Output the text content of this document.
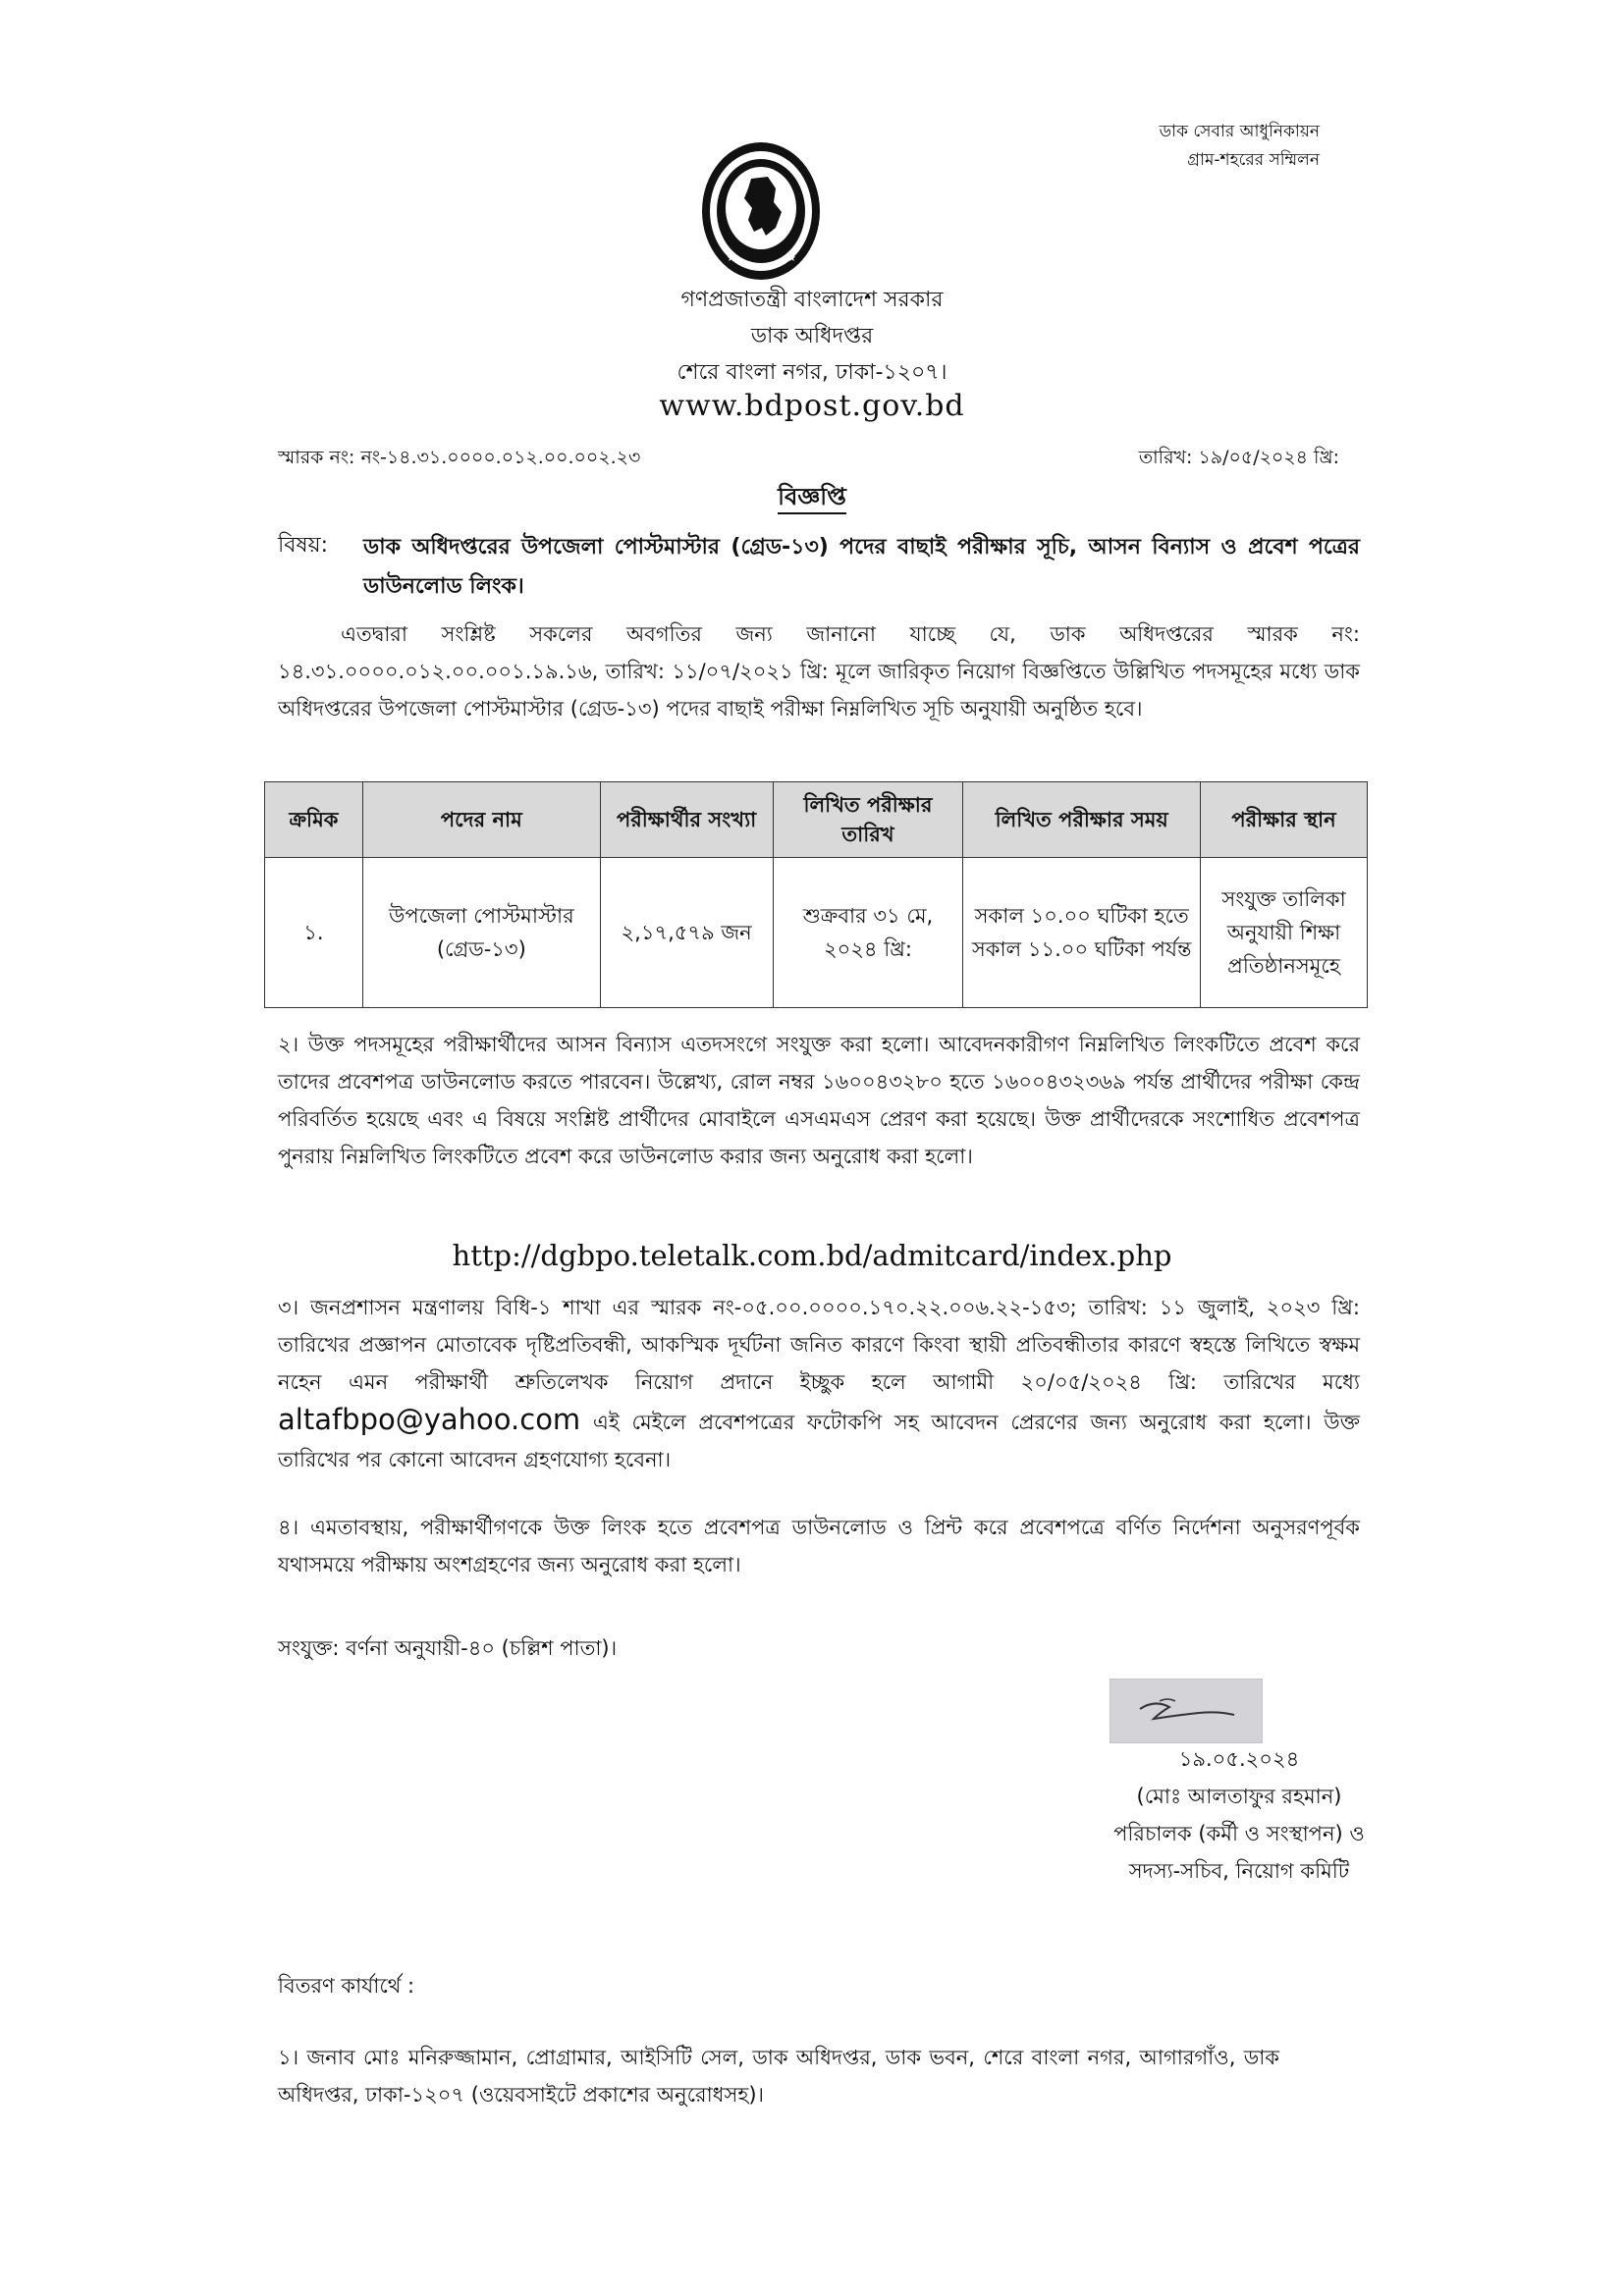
ডাক সেবার আধুনিকায়ন
গ্রাম-শহরের সম্মিলন
★	★
গণপ্রজাতন্ত্রী বাংলাদেশ সরকার
ডাক অধিদপ্তর
শেরে বাংলা নগর, ঢাকা-১২০৭।
www.bdpost.gov.bd
স্মারক নং: নং-১৪.৩১.০০০০.০১২.০০.০০২.২৩	তারিখ: ১৯/০৫/২০২৪ খ্রি:
বিজ্ঞপ্তি
বিষয়: ডাক অধিদপ্তরের উপজেলা পোস্টমাস্টার (গ্রেড-১৩) পদের বাছাই পরীক্ষার সূচি, আসন বিন্যাস ও প্রবেশ পত্রের ডাউনলোড লিংক।
এতদ্বারা সংশ্লিষ্ট সকলের অবগতির জন্য জানানো যাচ্ছে যে, ডাক অধিদপ্তরের স্মারক নং: ১৪.৩১.০০০০.০১২.০০.০০১.১৯.১৬, তারিখ: ১১/০৭/২০২১ খ্রি: মূলে জারিকৃত নিয়োগ বিজ্ঞপ্তিতে উল্লিখিত পদসমূহের মধ্যে ডাক অধিদপ্তরের উপজেলা পোস্টমাস্টার (গ্রেড-১৩) পদের বাছাই পরীক্ষা নিম্নলিখিত সূচি অনুযায়ী অনুষ্ঠিত হবে।
ক্রমিক	পদের নাম	পরীক্ষার্থীর সংখ্যা	লিখিত পরীক্ষার তারিখ	লিখিত পরীক্ষার সময়	পরীক্ষার স্থান
১.	উপজেলা পোস্টমাস্টার (গ্রেড-১৩)	২,১৭,৫৭৯ জন	শুক্রবার ৩১ মে, ২০২৪ খ্রি:	সকাল ১০.০০ ঘটিকা হতে সকাল ১১.০০ ঘটিকা পর্যন্ত	সংযুক্ত তালিকা অনুযায়ী শিক্ষা প্রতিষ্ঠানসমূহে
২। উক্ত পদসমূহের পরীক্ষার্থীদের আসন বিন্যাস এতদসংগে সংযুক্ত করা হলো। আবেদনকারীগণ নিম্নলিখিত লিংকটিতে প্রবেশ করে তাদের প্রবেশপত্র ডাউনলোড করতে পারবেন। উল্লেখ্য, রোল নম্বর ১৬০০৪৩২৮০ হতে ১৬০০৪৩২৩৬৯ পর্যন্ত প্রার্থীদের পরীক্ষা কেন্দ্র পরিবর্তিত হয়েছে এবং এ বিষয়ে সংশ্লিষ্ট প্রার্থীদের মোবাইলে এসএমএস প্রেরণ করা হয়েছে। উক্ত প্রার্থীদেরকে সংশোধিত প্রবেশপত্র পুনরায় নিম্নলিখিত লিংকটিতে প্রবেশ করে ডাউনলোড করার জন্য অনুরোধ করা হলো।
http://dgbpo.teletalk.com.bd/admitcard/index.php
৩। জনপ্রশাসন মন্ত্রণালয় বিধি-১ শাখা এর স্মারক নং-০৫.০০.০০০০.১৭০.২২.০০৬.২২-১৫৩; তারিখ: ১১ জুলাই, ২০২৩ খ্রি: তারিখের প্রজ্ঞাপন মোতাবেক দৃষ্টিপ্রতিবন্ধী, আকস্মিক দূর্ঘটনা জনিত কারণে কিংবা স্থায়ী প্রতিবন্ধীতার কারণে স্বহস্তে লিখিতে স্বক্ষম নহেন এমন পরীক্ষার্থী শ্রুতিলেখক নিয়োগ প্রদানে ইচ্ছুক হলে আগামী ২০/০৫/২০২৪ খ্রি: তারিখের মধ্যে altafbpo@yahoo.com এই মেইলে প্রবেশপত্রের ফটোকপি সহ আবেদন প্রেরণের জন্য অনুরোধ করা হলো। উক্ত তারিখের পর কোনো আবেদন গ্রহণযোগ্য হবেনা।
৪। এমতাবস্থায়, পরীক্ষার্থীগণকে উক্ত লিংক হতে প্রবেশপত্র ডাউনলোড ও প্রিন্ট করে প্রবেশপত্রে বর্ণিত নির্দেশনা অনুসরণপূর্বক যথাসময়ে পরীক্ষায় অংশগ্রহণের জন্য অনুরোধ করা হলো।
সংযুক্ত: বর্ণনা অনুযায়ী-৪০ (চল্লিশ পাতা)।
১৯.০৫.২০২৪
(মোঃ আলতাফুর রহমান)
পরিচালক (কর্মী ও সংস্থাপন) ও
সদস্য-সচিব, নিয়োগ কমিটি
বিতরণ কার্যার্থে :
১। জনাব মোঃ মনিরুজ্জামান, প্রোগ্রামার, আইসিটি সেল, ডাক অধিদপ্তর, ডাক ভবন, শেরে বাংলা নগর, আগারগাঁও, ডাক অধিদপ্তর, ঢাকা-১২০৭ (ওয়েবসাইটে প্রকাশের অনুরোধসহ)।
